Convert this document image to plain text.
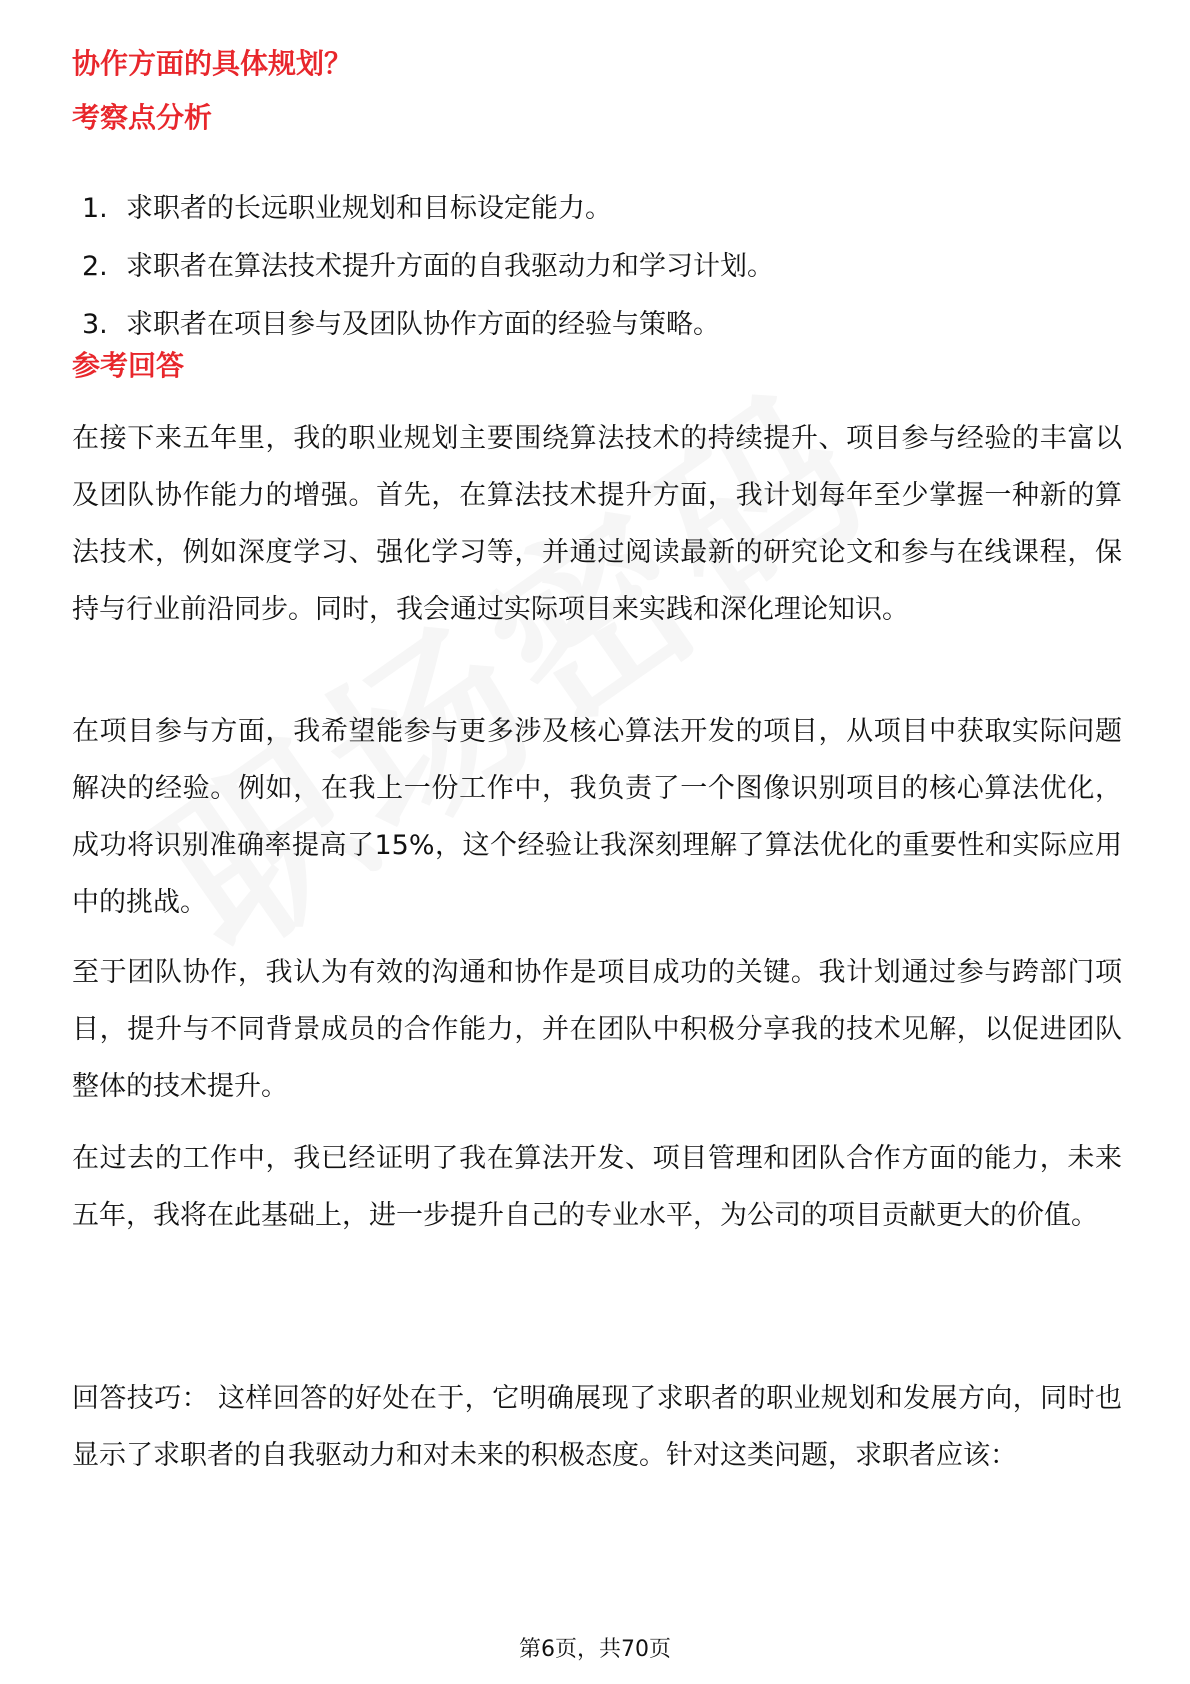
协作方面的具体规划？
考察点分析
1. 求职者的长远职业规划和目标设定能力。
2. 求职者在算法技术提升方面的自我驱动力和学习计划。
3. 求职者在项目参与及团队协作方面的经验与策略。
参考回答

在接下来五年里，我的职业规划主要围绕算法技术的持续提升、项目参与经验的丰富以及团队协作能力的增强。首先，在算法技术提升方面，我计划每年至少掌握一种新的算法技术，例如深度学习、强化学习等，并通过阅读最新的研究论文和参与在线课程，保持与行业前沿同步。同时，我会通过实际项目来实践和深化理论知识。

在项目参与方面，我希望能参与更多涉及核心算法开发的项目，从项目中获取实际问题解决的经验。例如，在我上一份工作中，我负责了一个图像识别项目的核心算法优化，成功将识别准确率提高了15%，这个经验让我深刻理解了算法优化的重要性和实际应用中的挑战。

至于团队协作，我认为有效的沟通和协作是项目成功的关键。我计划通过参与跨部门项目，提升与不同背景成员的合作能力，并在团队中积极分享我的技术见解，以促进团队整体的技术提升。

在过去的工作中，我已经证明了我在算法开发、项目管理和团队合作方面的能力，未来五年，我将在此基础上，进一步提升自己的专业水平，为公司的项目贡献更大的价值。

回答技巧： 这样回答的好处在于，它明确展现了求职者的职业规划和发展方向，同时也显示了求职者的自我驱动力和对未来的积极态度。针对这类问题，求职者应该：

第6页，共70页
